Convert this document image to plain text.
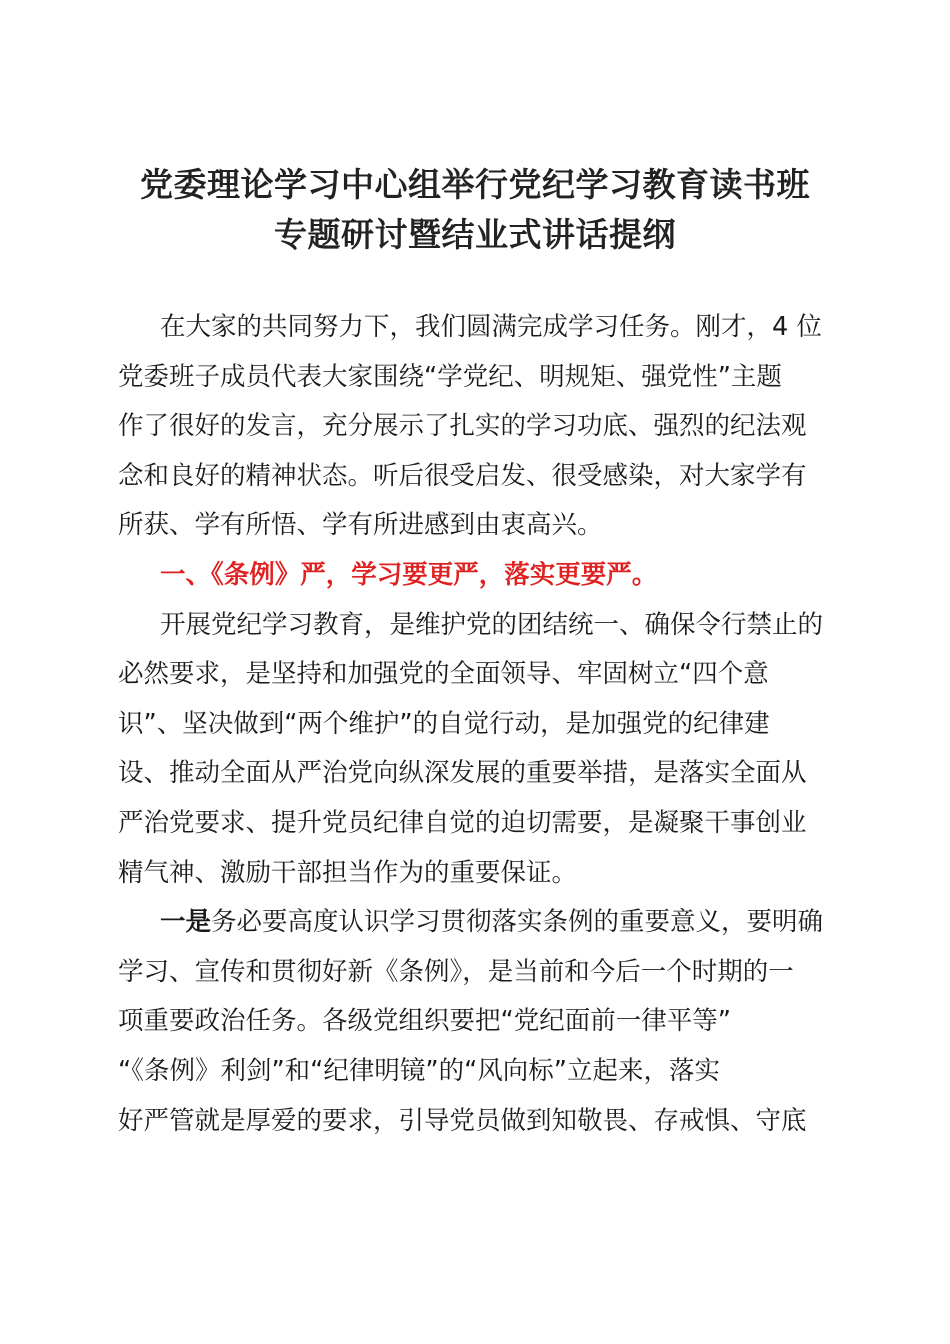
党委理论学习中心组举行党纪学习教育读书班
专题研讨暨结业式讲话提纲
在大家的共同努力下，我们圆满完成学习任务。刚才，4 位
党委班子成员代表大家围绕“学党纪、明规矩、强党性”主题
作了很好的发言，充分展示了扎实的学习功底、强烈的纪法观
念和良好的精神状态。听后很受启发、很受感染，对大家学有
所获、学有所悟、学有所进感到由衷高兴。
一、《条例》严，学习要更严，落实更要严。
开展党纪学习教育，是维护党的团结统一、确保令行禁止的
必然要求，是坚持和加强党的全面领导、牢固树立“四个意
识”、坚决做到“两个维护”的自觉行动，是加强党的纪律建
设、推动全面从严治党向纵深发展的重要举措，是落实全面从
严治党要求、提升党员纪律自觉的迫切需要，是凝聚干事创业
精气神、激励干部担当作为的重要保证。
一是务必要高度认识学习贯彻落实条例的重要意义，要明确
学习、宣传和贯彻好新《条例》，是当前和今后一个时期的一
项重要政治任务。各级党组织要把“党纪面前一律平等”
“《条例》利剑”和“纪律明镜”的“风向标”立起来，落实
好严管就是厚爱的要求，引导党员做到知敬畏、存戒惧、守底
